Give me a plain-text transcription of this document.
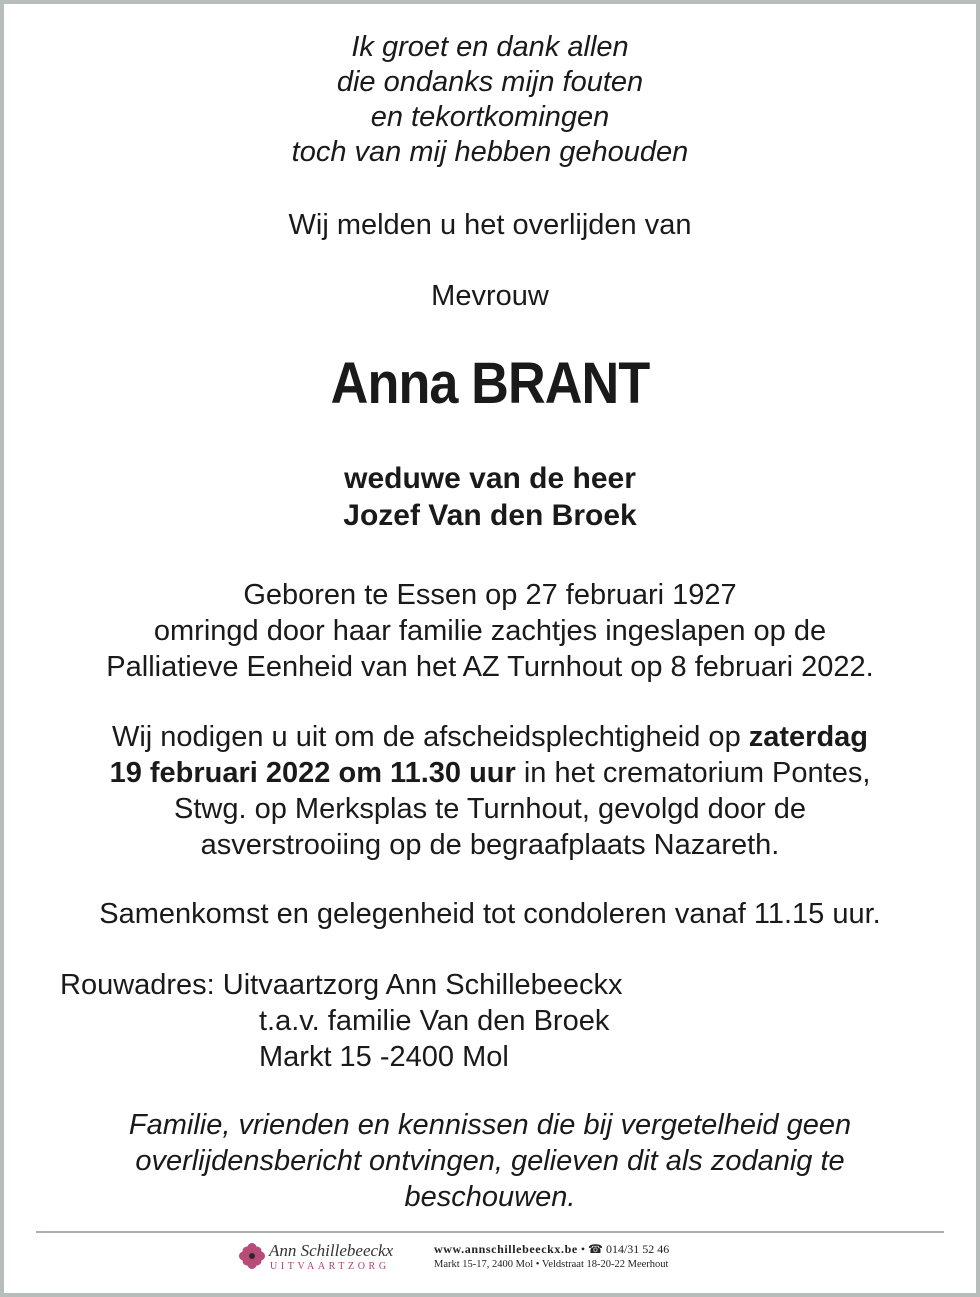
Ik groet en dank allen
die ondanks mijn fouten
en tekortkomingen
toch van mij hebben gehouden
Wij melden u het overlijden van
Mevrouw
Anna BRANT
weduwe van de heer
Jozef Van den Broek
Geboren te Essen op 27 februari 1927
omringd door haar familie zachtjes ingeslapen op de
Palliatieve Eenheid van het AZ Turnhout op 8 februari 2022.
Wij nodigen u uit om de afscheidsplechtigheid op zaterdag
19 februari 2022 om 11.30 uur in het crematorium Pontes,
Stwg. op Merksplas te Turnhout, gevolgd door de
asverstrooiing op de begraafplaats Nazareth.
Samenkomst en gelegenheid tot condoleren vanaf 11.15 uur.
Rouwadres: Uitvaartzorg Ann Schillebeeckx
t.a.v. familie Van den Broek
Markt 15 -2400 Mol
Familie, vrienden en kennissen die bij vergetelheid geen
overlijdensbericht ontvingen, gelieven dit als zodanig te
beschouwen.
Ann Schillebeeckx
UITVAARTZORG
www.annschillebeeckx.be • ☎ 014/31 52 46
Markt 15-17, 2400 Mol • Veldstraat 18-20-22 Meerhout
